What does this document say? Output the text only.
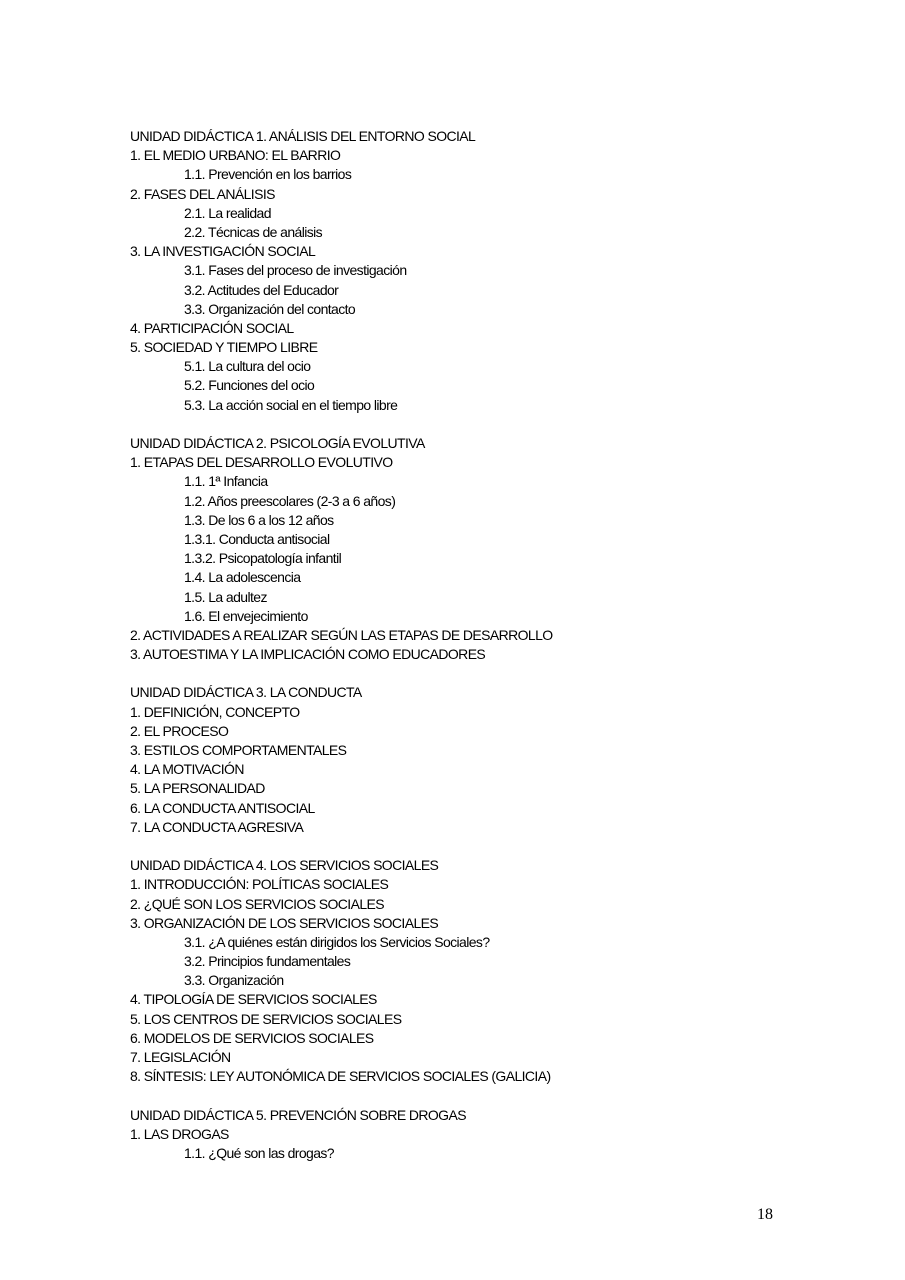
UNIDAD DIDÁCTICA 1. ANÁLISIS DEL ENTORNO SOCIAL
1. EL MEDIO URBANO: EL BARRIO
1.1. Prevención en los barrios
2. FASES DEL ANÁLISIS
2.1. La realidad
2.2. Técnicas de análisis
3. LA INVESTIGACIÓN SOCIAL
3.1. Fases del proceso de investigación
3.2. Actitudes del Educador
3.3. Organización del contacto
4. PARTICIPACIÓN SOCIAL
5. SOCIEDAD Y TIEMPO LIBRE
5.1. La cultura del ocio
5.2. Funciones del ocio
5.3. La acción social en el tiempo libre
UNIDAD DIDÁCTICA 2. PSICOLOGÍA EVOLUTIVA
1. ETAPAS DEL DESARROLLO EVOLUTIVO
1.1. 1ª Infancia
1.2. Años preescolares (2-3 a 6 años)
1.3. De los 6 a los 12 años
1.3.1. Conducta antisocial
1.3.2. Psicopatología infantil
1.4. La adolescencia
1.5. La adultez
1.6. El envejecimiento
2. ACTIVIDADES A REALIZAR SEGÚN LAS ETAPAS DE DESARROLLO
3. AUTOESTIMA Y LA IMPLICACIÓN COMO EDUCADORES
UNIDAD DIDÁCTICA 3. LA CONDUCTA
1. DEFINICIÓN, CONCEPTO
2. EL PROCESO
3. ESTILOS COMPORTAMENTALES
4. LA MOTIVACIÓN
5. LA PERSONALIDAD
6. LA CONDUCTA ANTISOCIAL
7. LA CONDUCTA AGRESIVA
UNIDAD DIDÁCTICA 4. LOS SERVICIOS SOCIALES
1. INTRODUCCIÓN: POLÍTICAS SOCIALES
2. ¿QUÉ SON LOS SERVICIOS SOCIALES
3. ORGANIZACIÓN DE LOS SERVICIOS SOCIALES
3.1. ¿A quiénes están dirigidos los Servicios Sociales?
3.2. Principios fundamentales
3.3. Organización
4. TIPOLOGÍA DE SERVICIOS SOCIALES
5. LOS CENTROS DE SERVICIOS SOCIALES
6. MODELOS DE SERVICIOS SOCIALES
7. LEGISLACIÓN
8. SÍNTESIS: LEY AUTONÓMICA DE SERVICIOS SOCIALES (GALICIA)
UNIDAD DIDÁCTICA 5. PREVENCIÓN SOBRE DROGAS
1. LAS DROGAS
1.1. ¿Qué son las drogas?
18
